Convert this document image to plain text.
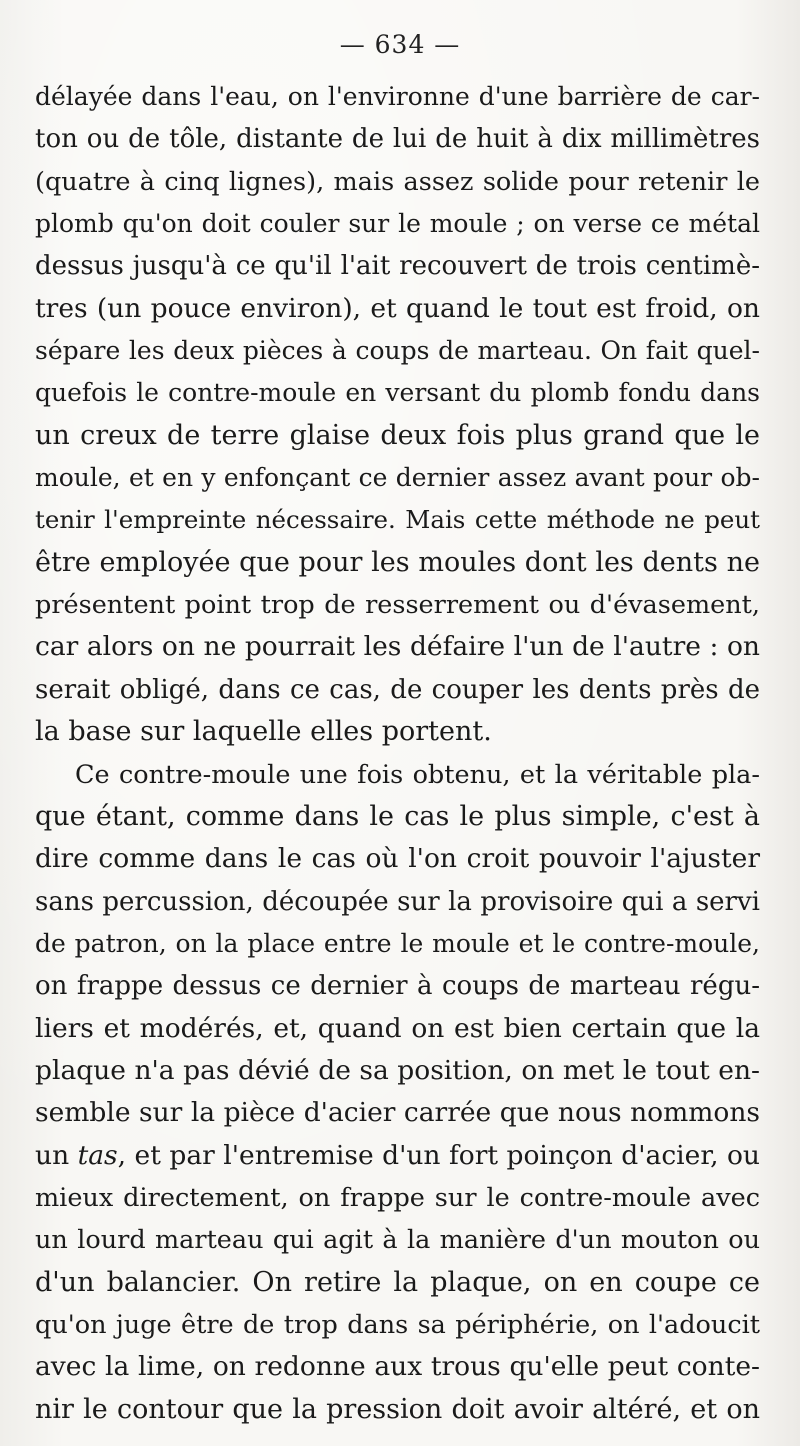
— 634 —
délayée dans l'eau, on l'environne d'une barrière de car-
ton ou de tôle, distante de lui de huit à dix millimètres
(quatre à cinq lignes), mais assez solide pour retenir le
plomb qu'on doit couler sur le moule ; on verse ce métal
dessus jusqu'à ce qu'il l'ait recouvert de trois centimè-
tres (un pouce environ), et quand le tout est froid, on
sépare les deux pièces à coups de marteau. On fait quel-
quefois le contre-moule en versant du plomb fondu dans
un creux de terre glaise deux fois plus grand que le
moule, et en y enfonçant ce dernier assez avant pour ob-
tenir l'empreinte nécessaire. Mais cette méthode ne peut
être employée que pour les moules dont les dents ne
présentent point trop de resserrement ou d'évasement,
car alors on ne pourrait les défaire l'un de l'autre : on
serait obligé, dans ce cas, de couper les dents près de
la base sur laquelle elles portent.
Ce contre-moule une fois obtenu, et la véritable pla-
que étant, comme dans le cas le plus simple, c'est à
dire comme dans le cas où l'on croit pouvoir l'ajuster
sans percussion, découpée sur la provisoire qui a servi
de patron, on la place entre le moule et le contre-moule,
on frappe dessus ce dernier à coups de marteau régu-
liers et modérés, et, quand on est bien certain que la
plaque n'a pas dévié de sa position, on met le tout en-
semble sur la pièce d'acier carrée que nous nommons
un tas, et par l'entremise d'un fort poinçon d'acier, ou
mieux directement, on frappe sur le contre-moule avec
un lourd marteau qui agit à la manière d'un mouton ou
d'un balancier. On retire la plaque, on en coupe ce
qu'on juge être de trop dans sa périphérie, on l'adoucit
avec la lime, on redonne aux trous qu'elle peut conte-
nir le contour que la pression doit avoir altéré, et on
